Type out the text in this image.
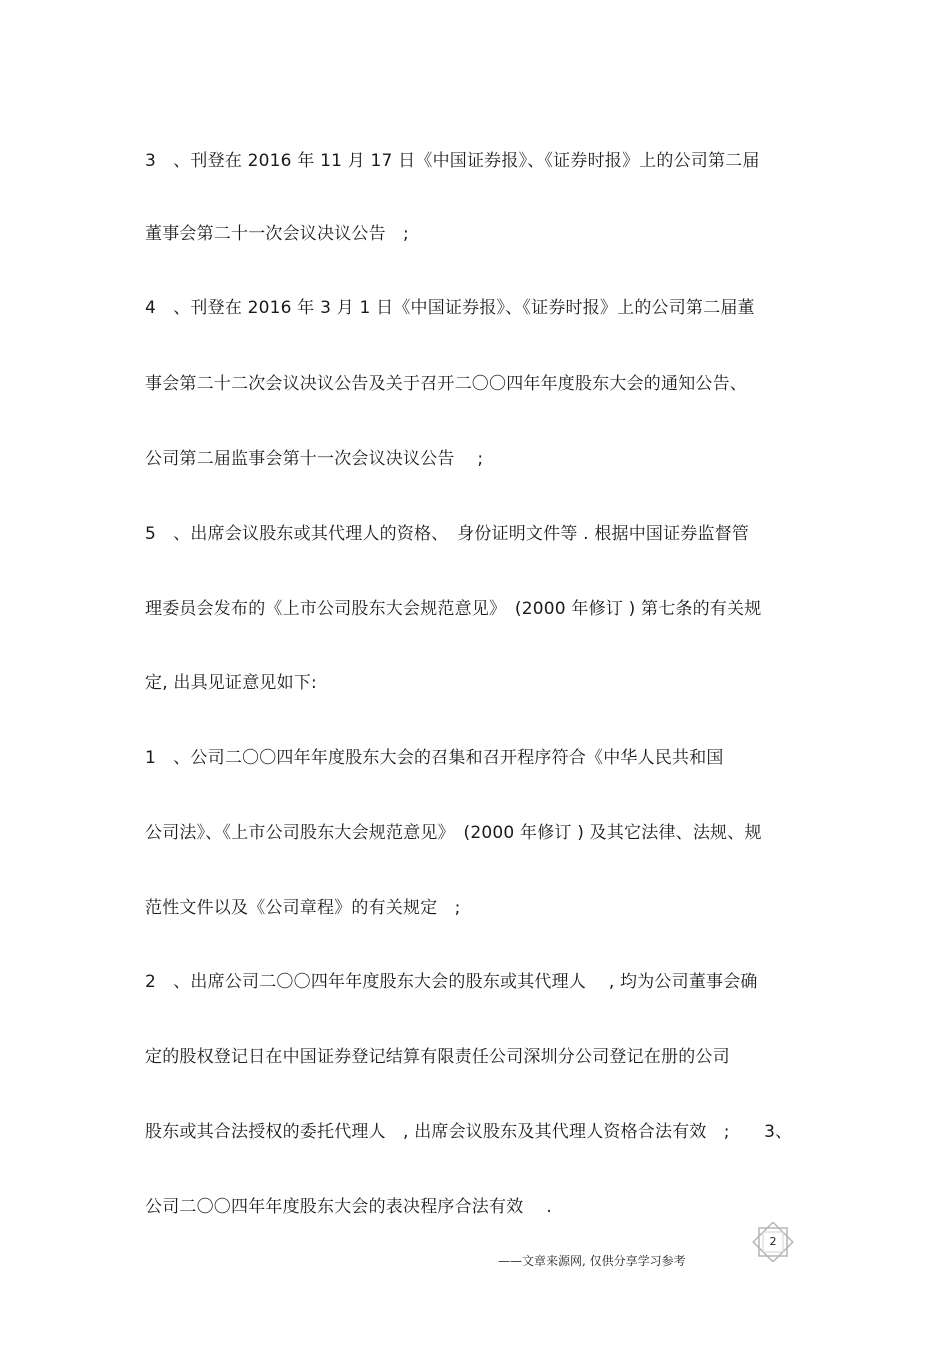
3　、刊登在 2016 年 11 月 17 日《中国证券报》、《证券时报》上的公司第二届
董事会第二十一次会议决议公告　;
4　、刊登在 2016 年 3 月 1 日《中国证券报》、《证券时报》上的公司第二届董
事会第二十二次会议决议公告及关于召开二〇〇四年年度股东大会的通知公告、
公司第二届监事会第十一次会议决议公告　 ;
5　、出席会议股东或其代理人的资格、　身份证明文件等 . 根据中国证券监督管
理委员会发布的《上市公司股东大会规范意见》　(2000 年修订 ) 第七条的有关规
定, 出具见证意见如下:
1　、公司二〇〇四年年度股东大会的召集和召开程序符合《中华人民共和国
公司法》、《上市公司股东大会规范意见》　(2000 年修订 ) 及其它法律、法规、规
范性文件以及《公司章程》的有关规定　;
2　、出席公司二〇〇四年年度股东大会的股东或其代理人　 , 均为公司董事会确
定的股权登记日在中国证券登记结算有限责任公司深圳分公司登记在册的公司
股东或其合法授权的委托代理人　, 出席会议股东及其代理人资格合法有效　;　　3、
公司二〇〇四年年度股东大会的表决程序合法有效　 .
2
——文章来源网, 仅供分享学习参考
